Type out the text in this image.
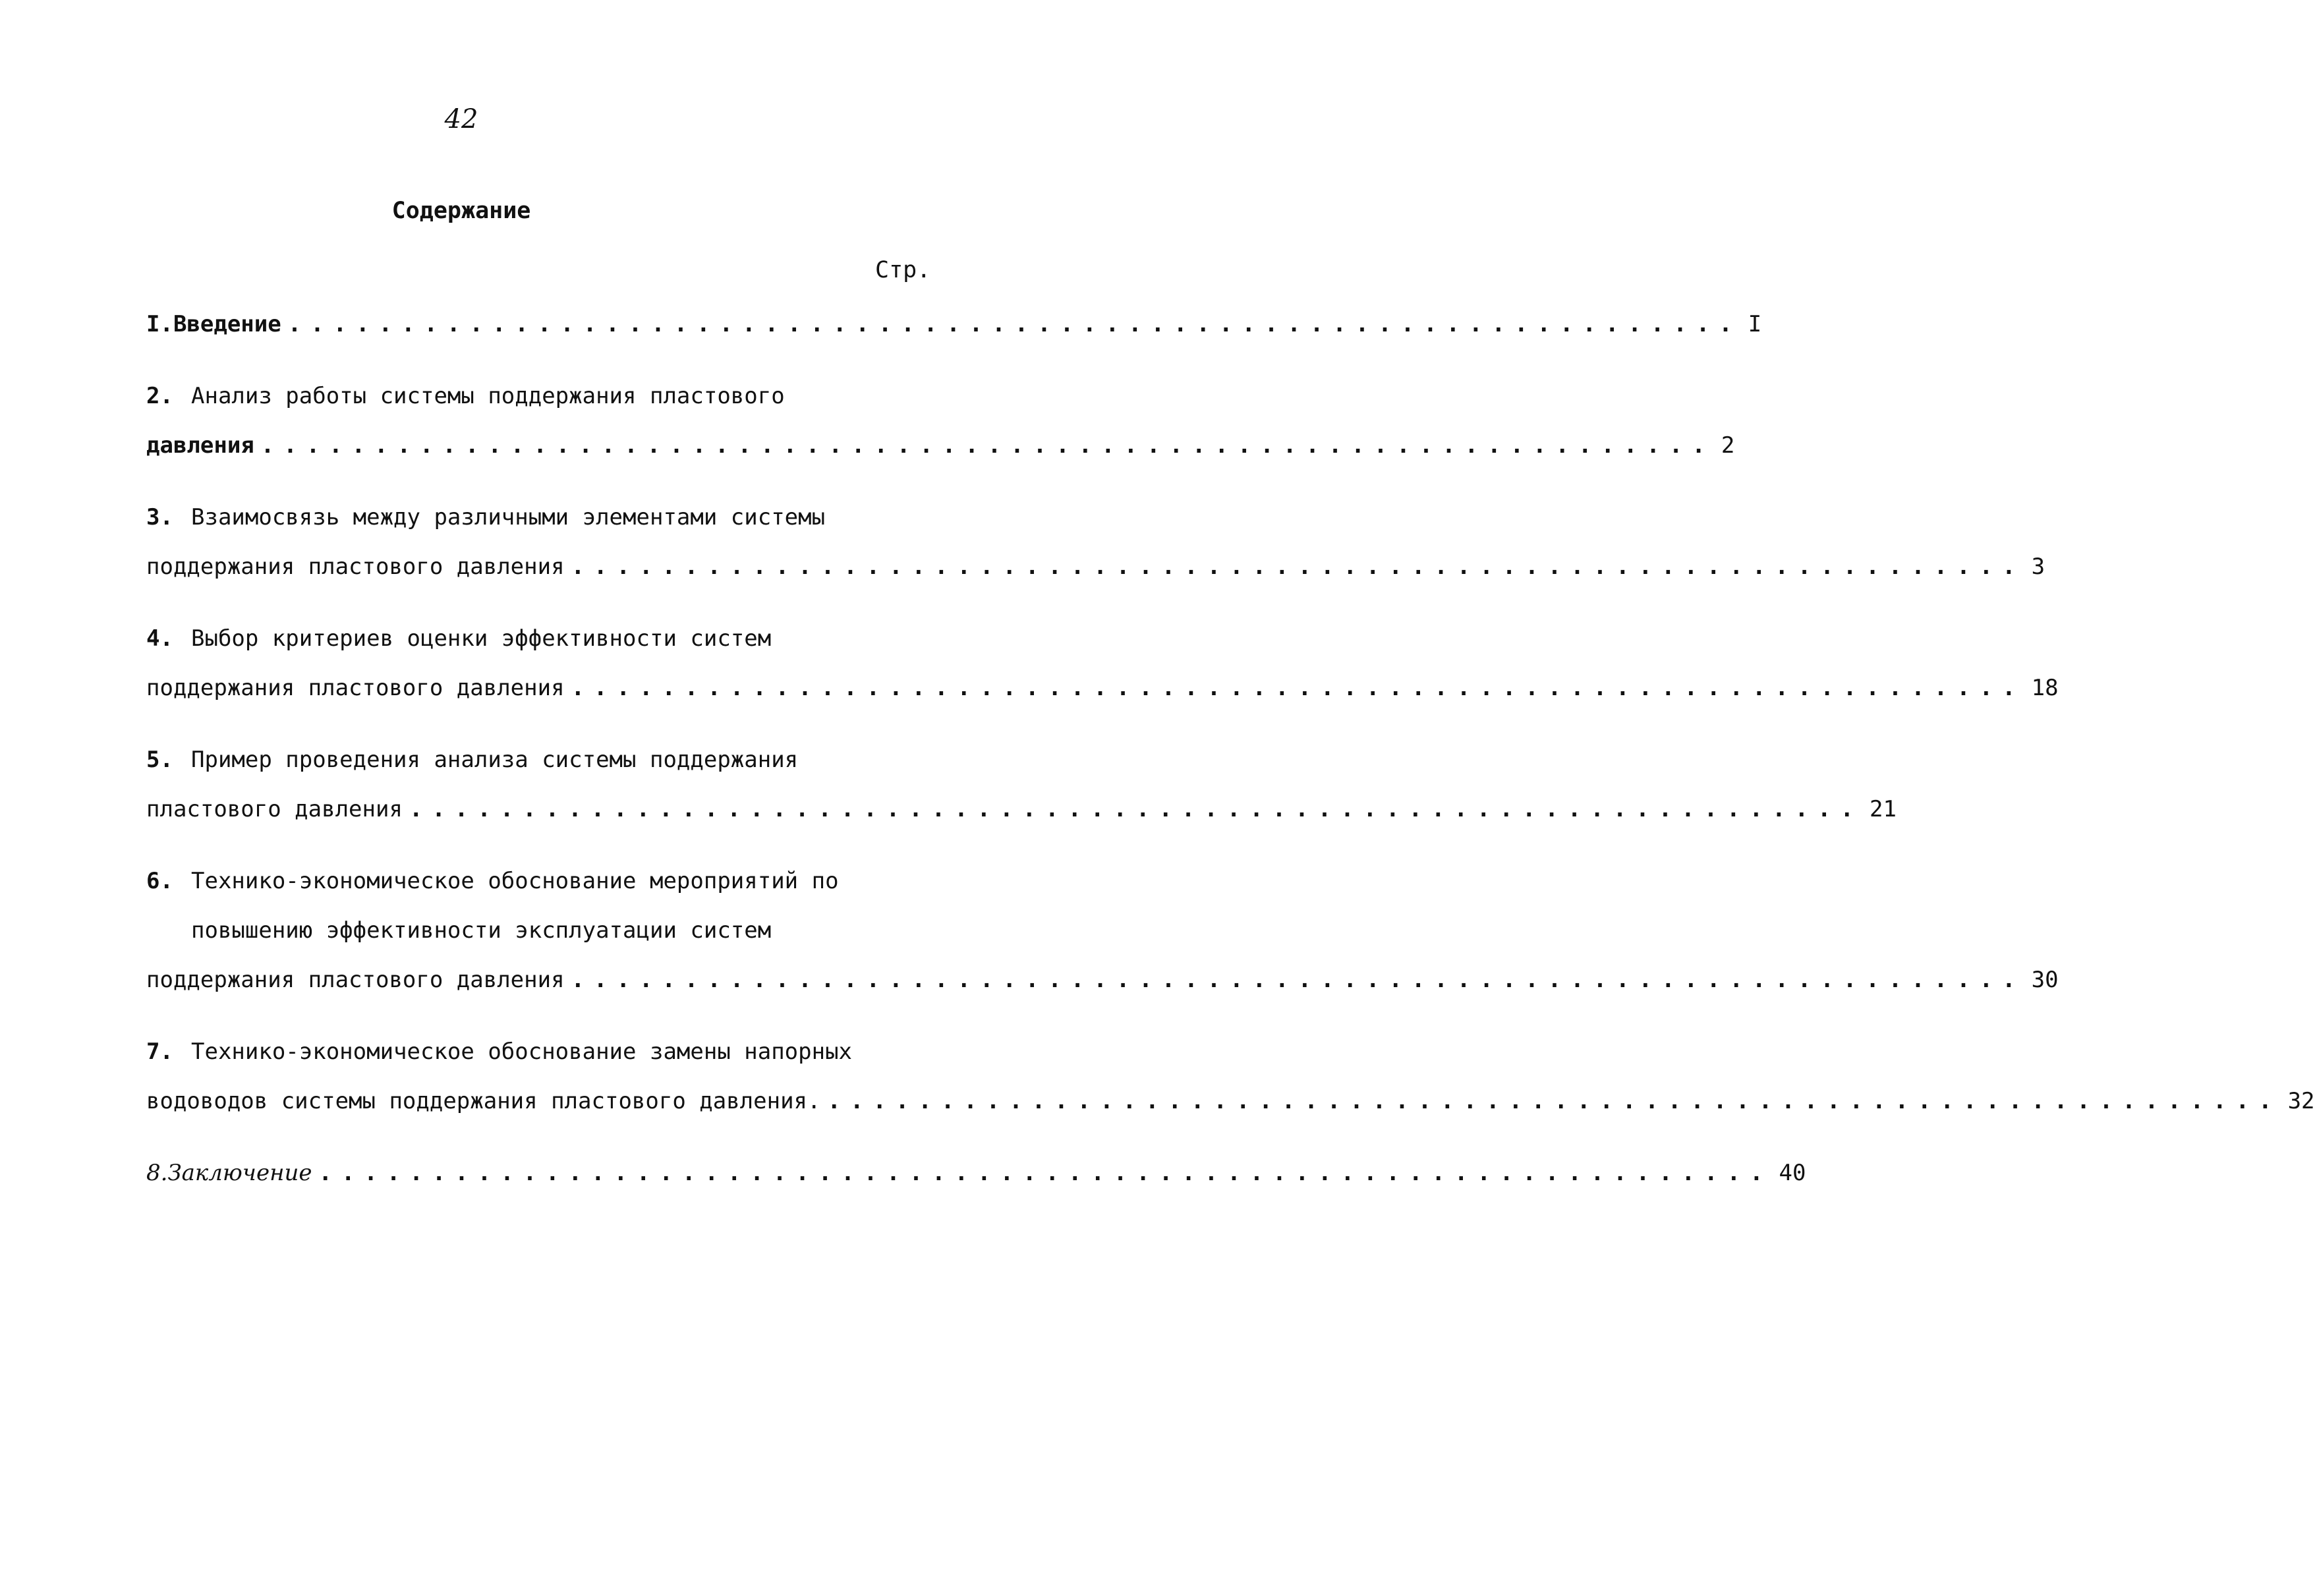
42
Содержание
Стр.
I. Введение ................................................................ I
2. Анализ работы системы поддержания пластового
давления ................................................................ 2
3. Взаимосвязь между различными элементами системы
поддержания пластового давления ................................................................ 3
4. Выбор критериев оценки эффективности систем
поддержания пластового давления ................................................................ 18
5. Пример проведения анализа системы поддержания
пластового давления ................................................................ 21
6. Технико-экономическое обоснование мероприятий по
повышению эффективности эксплуатации систем
поддержания пластового давления ................................................................ 30
7. Технико-экономическое обоснование замены напорных
водоводов системы поддержания пластового давления. ................................................................ 32
8. Заключение ................................................................ 40
